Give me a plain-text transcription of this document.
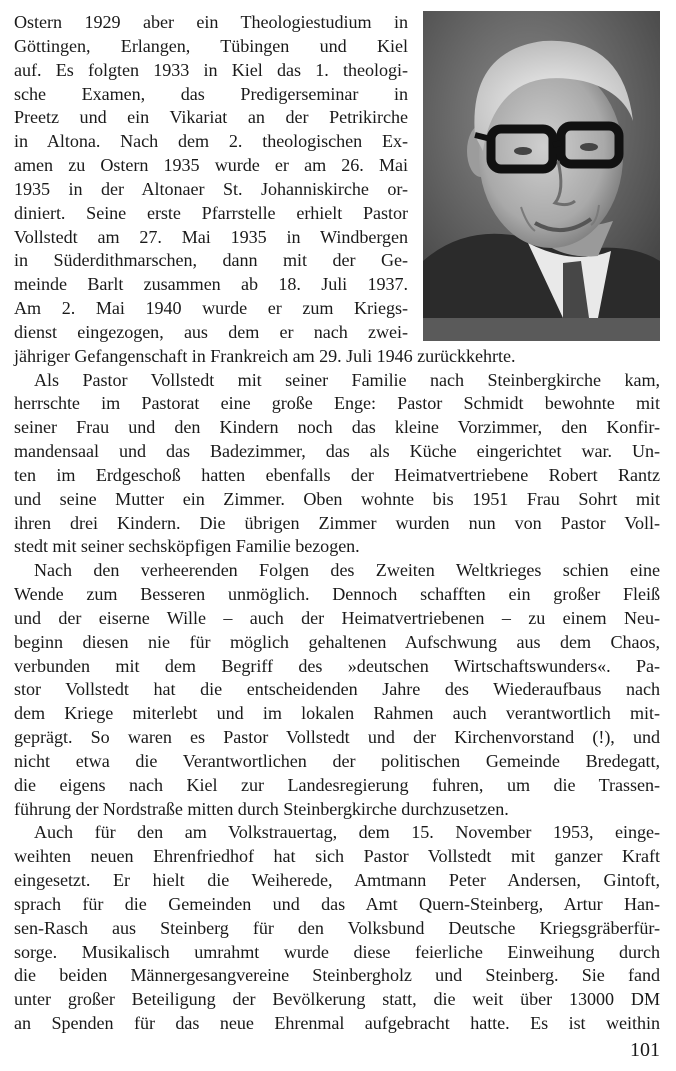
Ostern 1929 aber ein Theologiestudium in
Göttingen, Erlangen, Tübingen und Kiel
auf. Es folgten 1933 in Kiel das 1. theologi-
sche Examen, das Predigerseminar in
Preetz und ein Vikariat an der Petrikirche
in Altona. Nach dem 2. theologischen Ex-
amen zu Ostern 1935 wurde er am 26. Mai
1935 in der Altonaer St. Johanniskirche or-
diniert. Seine erste Pfarrstelle erhielt Pastor
Vollstedt am 27. Mai 1935 in Windbergen
in Süderdithmarschen, dann mit der Ge-
meinde Barlt zusammen ab 18. Juli 1937.
Am 2. Mai 1940 wurde er zum Kriegs-
dienst eingezogen, aus dem er nach zwei-
jähriger Gefangenschaft in Frankreich am 29. Juli 1946 zurückkehrte.
Als Pastor Vollstedt mit seiner Familie nach Steinbergkirche kam,
herrschte im Pastorat eine große Enge: Pastor Schmidt bewohnte mit
seiner Frau und den Kindern noch das kleine Vorzimmer, den Konfir-
mandensaal und das Badezimmer, das als Küche eingerichtet war. Un-
ten im Erdgeschoß hatten ebenfalls der Heimatvertriebene Robert Rantz
und seine Mutter ein Zimmer. Oben wohnte bis 1951 Frau Sohrt mit
ihren drei Kindern. Die übrigen Zimmer wurden nun von Pastor Voll-
stedt mit seiner sechsköpfigen Familie bezogen.
Nach den verheerenden Folgen des Zweiten Weltkrieges schien eine
Wende zum Besseren unmöglich. Dennoch schafften ein großer Fleiß
und der eiserne Wille – auch der Heimatvertriebenen – zu einem Neu-
beginn diesen nie für möglich gehaltenen Aufschwung aus dem Chaos,
verbunden mit dem Begriff des »deutschen Wirtschaftswunders«. Pa-
stor Vollstedt hat die entscheidenden Jahre des Wiederaufbaus nach
dem Kriege miterlebt und im lokalen Rahmen auch verantwortlich mit-
geprägt. So waren es Pastor Vollstedt und der Kirchenvorstand (!), und
nicht etwa die Verantwortlichen der politischen Gemeinde Bredegatt,
die eigens nach Kiel zur Landesregierung fuhren, um die Trassen-
führung der Nordstraße mitten durch Steinbergkirche durchzusetzen.
Auch für den am Volkstrauertag, dem 15. November 1953, einge-
weihten neuen Ehrenfriedhof hat sich Pastor Vollstedt mit ganzer Kraft
eingesetzt. Er hielt die Weiherede, Amtmann Peter Andersen, Gintoft,
sprach für die Gemeinden und das Amt Quern-Steinberg, Artur Han-
sen-Rasch aus Steinberg für den Volksbund Deutsche Kriegsgräberfür-
sorge. Musikalisch umrahmt wurde diese feierliche Einweihung durch
die beiden Männergesangvereine Steinbergholz und Steinberg. Sie fand
unter großer Beteiligung der Bevölkerung statt, die weit über 13000 DM
an Spenden für das neue Ehrenmal aufgebracht hatte. Es ist weithin
101
